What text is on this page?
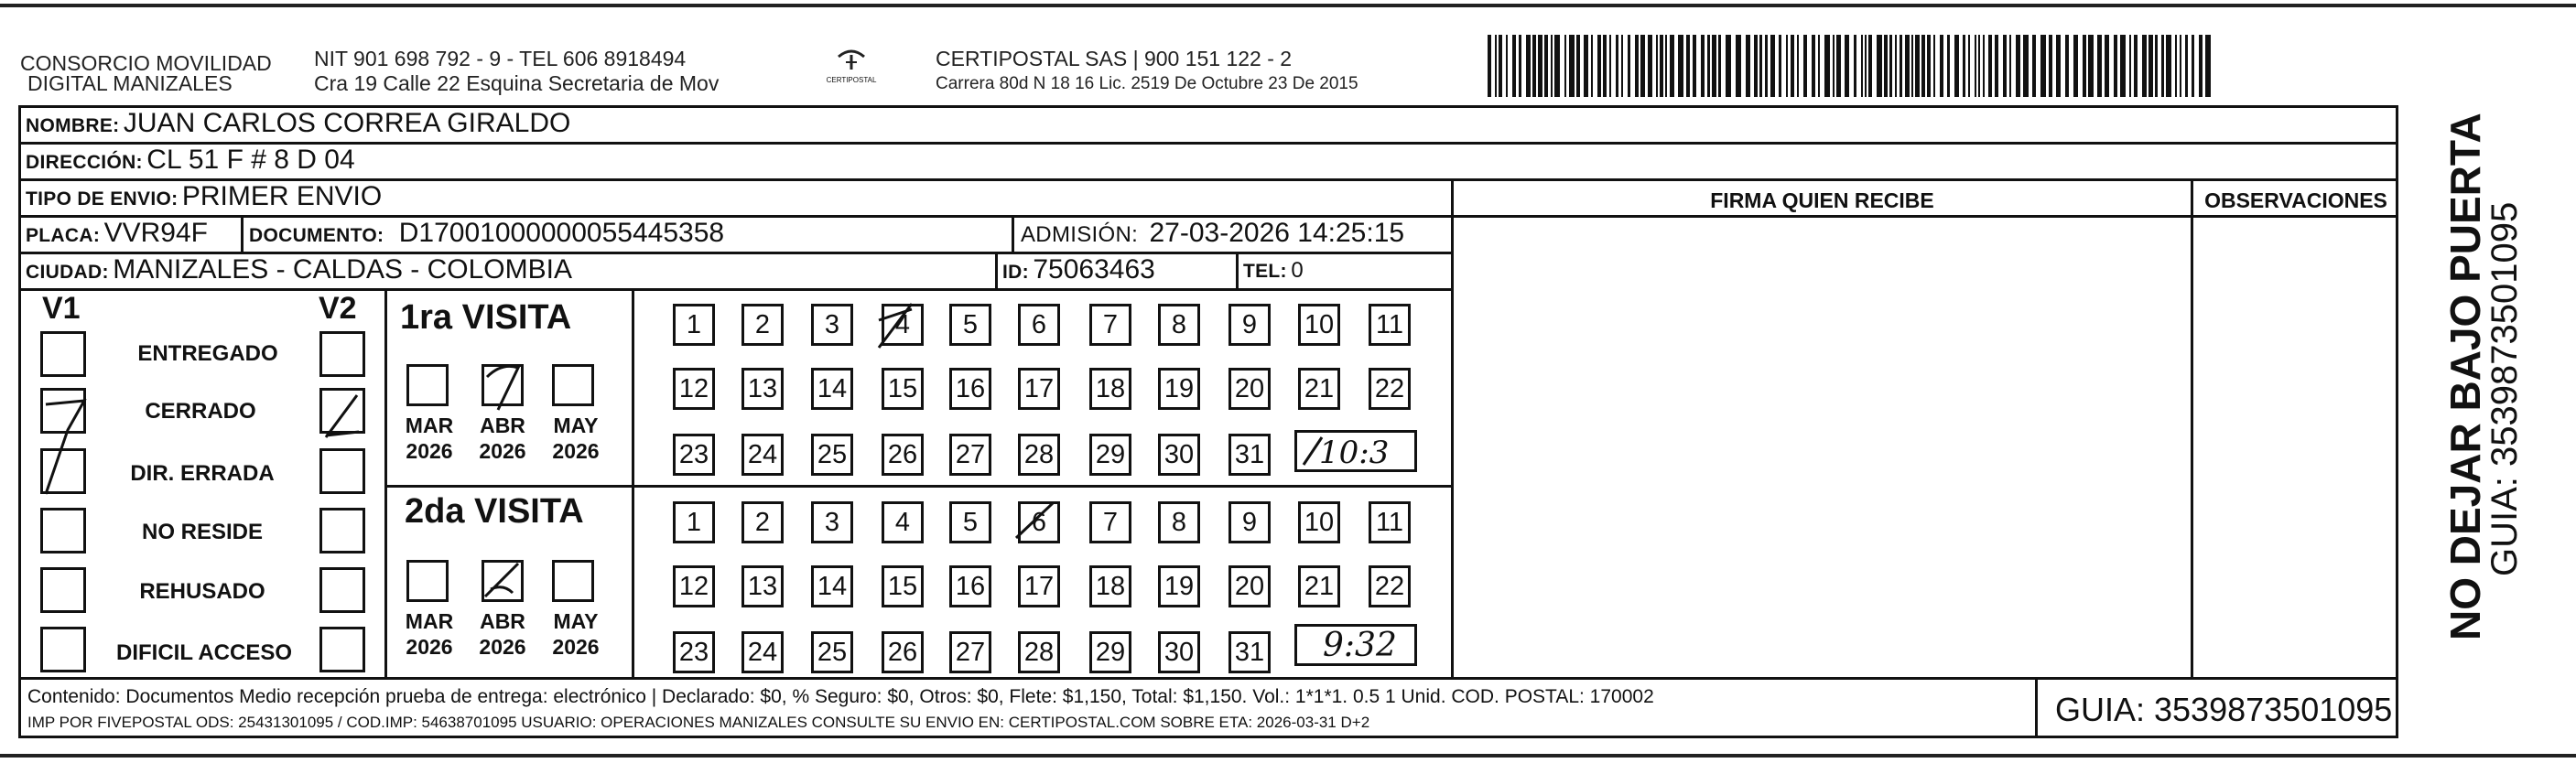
CONSORCIO MOVILIDAD
DIGITAL MANIZALES
NIT 901 698 792 - 9 - TEL 606 8918494
Cra 19 Calle 22 Esquina Secretaria de Mov	CERTIPOSTAL
CERTIPOSTAL SAS | 900 151 122 - 2
Carrera 80d N 18 16 Lic. 2519 De Octubre 23 De 2015
NOMBRE: JUAN CARLOS CORREA GIRALDO
DIRECCIÓN: CL 51 F # 8 D 04
TIPO DE ENVIO: PRIMER ENVIO
PLACA: VVR94F DOCUMENTO: D17001000000055445358	ADMISIÓN: 27-03-2026 14:25:15
CIUDAD: MANIZALES - CALDAS - COLOMBIA	ID: 75063463	TEL: 0
FIRMA QUIEN RECIBE	OBSERVACIONES
V1	V2
ENTREGADO
CERRADO
DIR. ERRADA
NO RESIDE
REHUSADO
DIFICIL ACCESO
1ra VISITA
2da VISITA
MAR	ABR	MAY
2026	2026	2026
MAR	ABR	MAY
2026	2026	2026
1	2	3	4	5	6	7	8	9	10 11
12 13 14 15 16 17 18 19 20 21 22
23 24 25 26 27 28 29 30 31
1	2	3	4	5	6	7	8	9	10 11
12 13 14 15 16 17 18 19 20 21 22
23 24 25 26 27 28 29 30 31
10:3
9:32
NO DEJAR BAJO PUERTA
GUIA: 3539873501095
Contenido: Documentos Medio recepción prueba de entrega: electrónico | Declarado: $0, % Seguro: $0, Otros: $0, Flete: $1,150, Total: $1,150. Vol.: 1*1*1. 0.5 1 Unid. COD. POSTAL: 170002
IMP POR FIVEPOSTAL ODS: 25431301095 / COD.IMP: 54638701095 USUARIO: OPERACIONES MANIZALES CONSULTE SU ENVIO EN: CERTIPOSTAL.COM SOBRE ETA: 2026-03-31 D+2	GUIA: 3539873501095
